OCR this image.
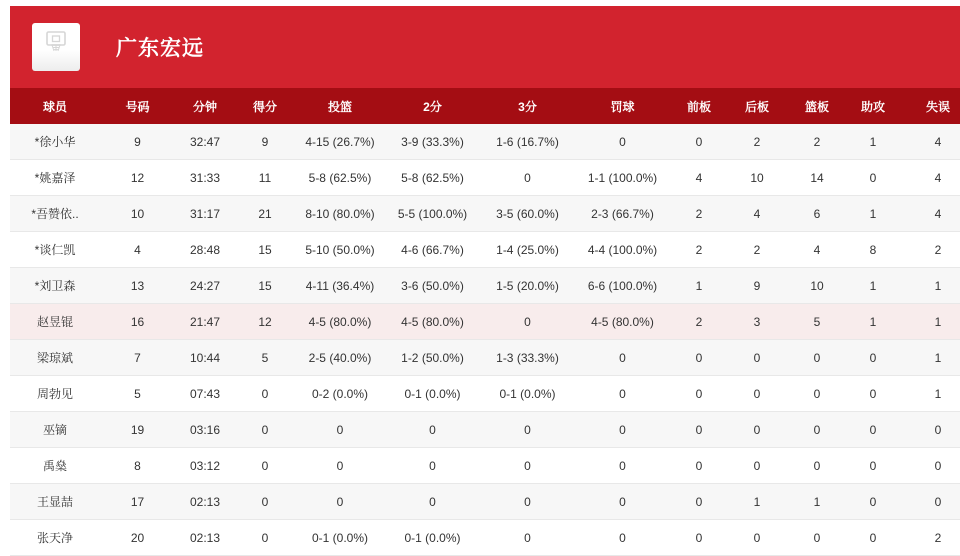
广东宏远
球员	号码	分钟	得分	投篮	2分	3分	罚球	前板	后板	篮板	助攻	失误
*徐小华	9	32:47	9	4-15 (26.7%)	3-9 (33.3%)	1-6 (16.7%)	0	0	2	2	1	4
*姚嘉泽	12	31:33	11	5-8 (62.5%)	5-8 (62.5%)	0	1-1 (100.0%)	4	10	14	0	4
*吾赞依..	10	31:17	21	8-10 (80.0%)	5-5 (100.0%)	3-5 (60.0%)	2-3 (66.7%)	2	4	6	1	4
*谈仁凯	4	28:48	15	5-10 (50.0%)	4-6 (66.7%)	1-4 (25.0%)	4-4 (100.0%)	2	2	4	8	2
*刘卫森	13	24:27	15	4-11 (36.4%)	3-6 (50.0%)	1-5 (20.0%)	6-6 (100.0%)	1	9	10	1	1
赵昱锟	16	21:47	12	4-5 (80.0%)	4-5 (80.0%)	0	4-5 (80.0%)	2	3	5	1	1
梁琼斌	7	10:44	5	2-5 (40.0%)	1-2 (50.0%)	1-3 (33.3%)	0	0	0	0	0	1
周勃见	5	07:43	0	0-2 (0.0%)	0-1 (0.0%)	0-1 (0.0%)	0	0	0	0	0	1
巫镝	19	03:16	0	0	0	0	0	0	0	0	0	0
禹燊	8	03:12	0	0	0	0	0	0	0	0	0	0
王显喆	17	02:13	0	0	0	0	0	0	1	1	0	0
张天净	20	02:13	0	0-1 (0.0%)	0-1 (0.0%)	0	0	0	0	0	0	2
